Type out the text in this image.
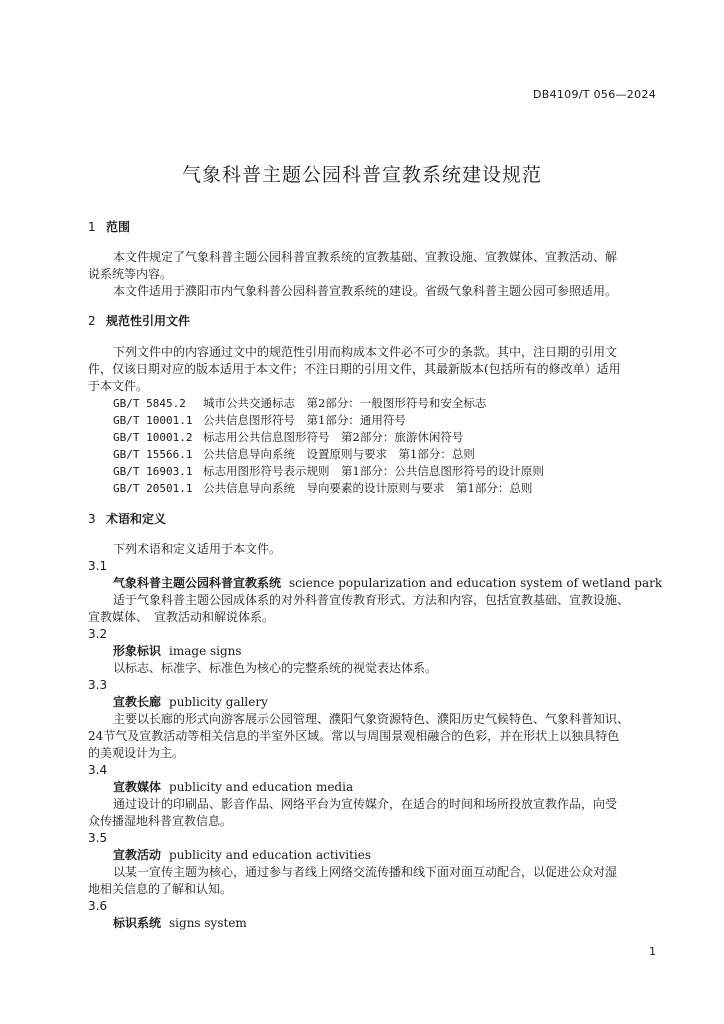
DB4109/T 056—2024
气象科普主题公园科普宣教系统建设规范
1 范围
本文件规定了气象科普主题公园科普宣教系统的宣教基础、宣教设施、宣教媒体、宣教活动、解
说系统等内容。
本文件适用于濮阳市内气象科普公园科普宣教系统的建设。省级气象科普主题公园可参照适用。
2 规范性引用文件
下列文件中的内容通过文中的规范性引用而构成本文件必不可少的条款。其中，注日期的引用文
件，仅该日期对应的版本适用于本文件；不注日期的引用文件，其最新版本(包括所有的修改单）适用
于本文件。
GB/T 5845.2 城市公共交通标志　第2部分：一般图形符号和安全标志
GB/T 10001.1 公共信息图形符号　第1部分：通用符号
GB/T 10001.2 标志用公共信息图形符号　第2部分：旅游休闲符号
GB/T 15566.1 公共信息导向系统　设置原则与要求　第1部分：总则
GB/T 16903.1 标志用图形符号表示规则　第1部分：公共信息图形符号的设计原则
GB/T 20501.1 公共信息导向系统　导向要素的设计原则与要求　第1部分：总则
3 术语和定义
下列术语和定义适用于本文件。
3.1
气象科普主题公园科普宣教系统 science popularization and education system of wetland park
适于气象科普主题公园成体系的对外科普宣传教育形式、方法和内容，包括宣教基础、宣教设施、
宣教媒体、　宣教活动和解说体系。
3.2
形象标识 image signs
以标志、标准字、标准色为核心的完整系统的视觉表达体系。
3.3
宣教长廊 publicity gallery
主要以长廊的形式向游客展示公园管理、濮阳气象资源特色、濮阳历史气候特色、气象科普知识、
24节气及宣教活动等相关信息的半室外区域。常以与周围景观相融合的色彩，并在形状上以独具特色
的美观设计为主。
3.4
宣教媒体 publicity and education media
通过设计的印刷品、影音作品、网络平台为宣传媒介，在适合的时间和场所投放宣教作品，向受
众传播湿地科普宣教信息。
3.5
宣教活动 publicity and education activities
以某一宣传主题为核心，通过参与者线上网络交流传播和线下面对面互动配合，以促进公众对湿
地相关信息的了解和认知。
3.6
标识系统 signs system
1
